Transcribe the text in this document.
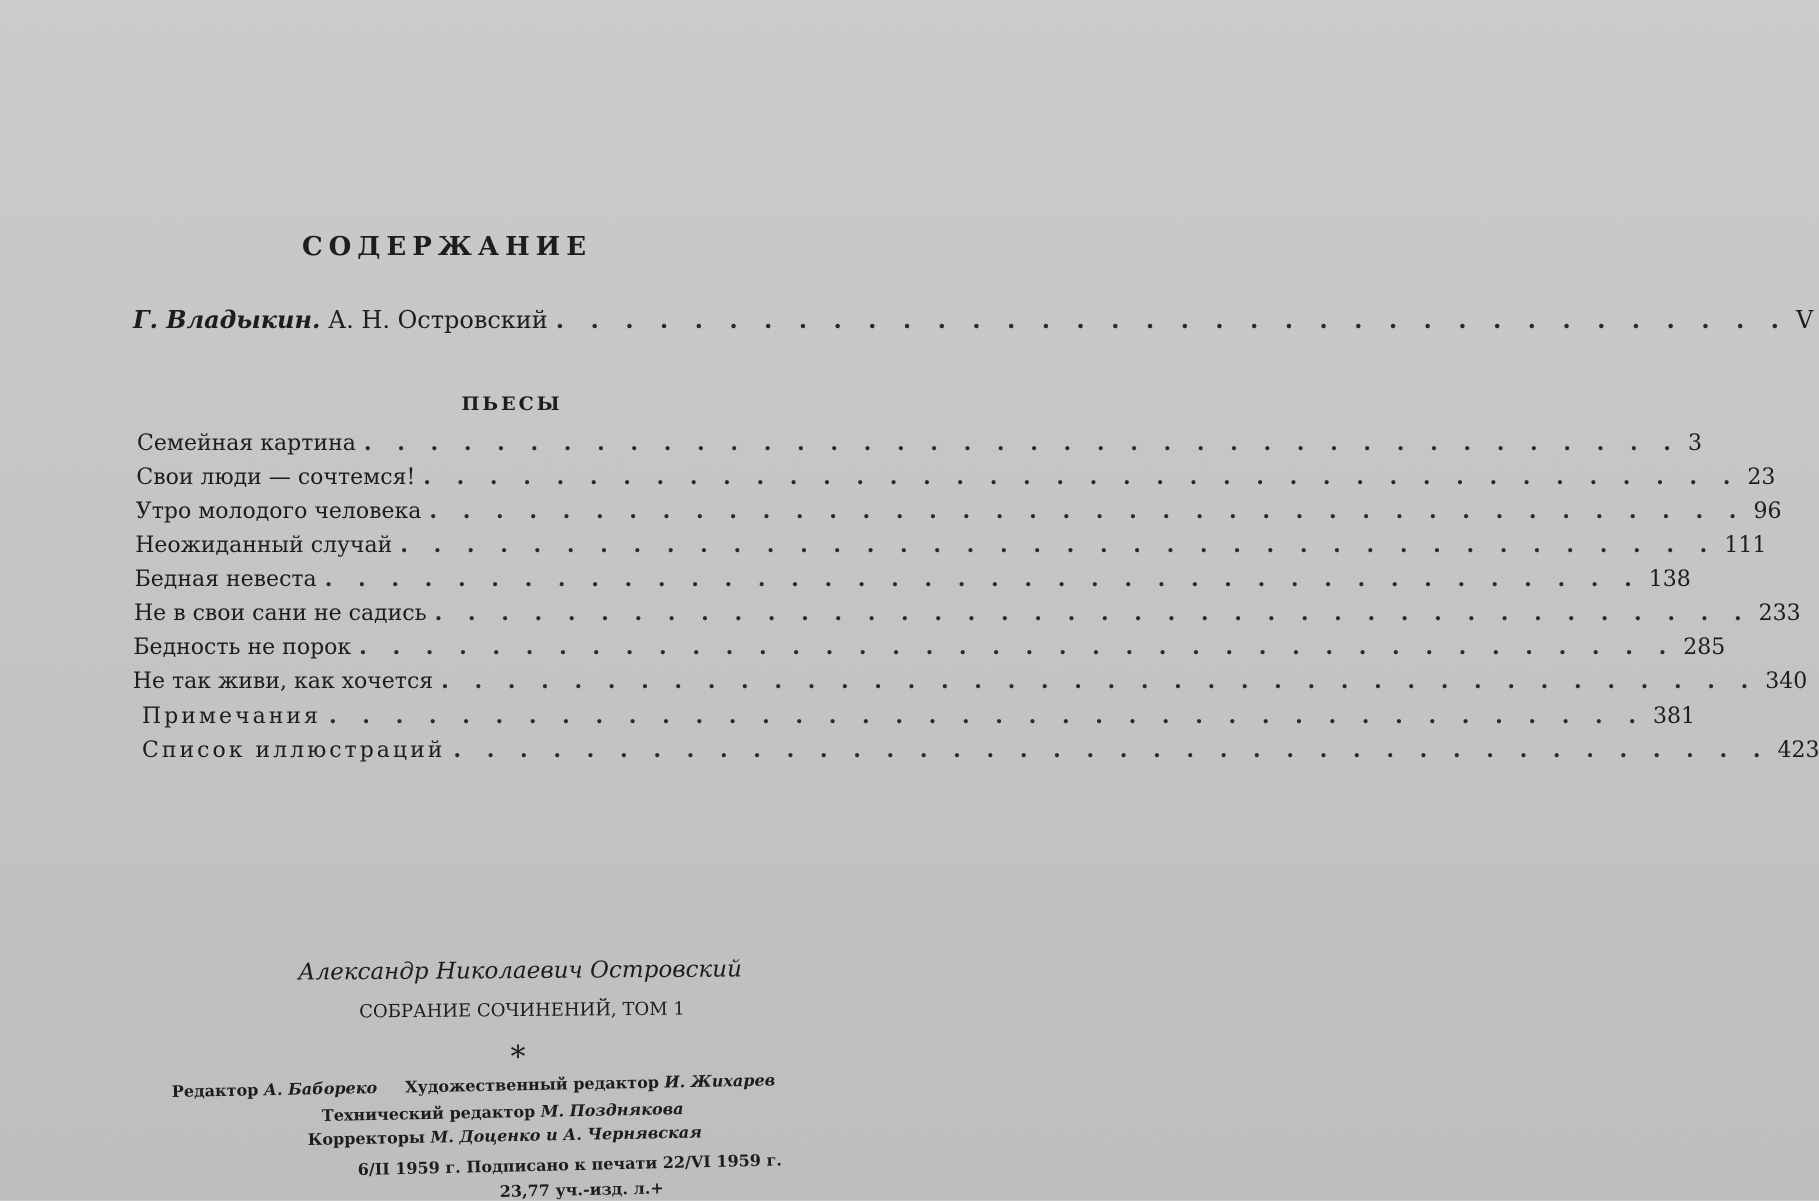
СОДЕРЖАНИЕ
Г. Владыкин. А. Н. Островский . . . . . . . . . . . . . . . . . . . . . . . . . . . . . . . . . . . . V
ПЬЕСЫ
Семейная картина . . . . . . . . . . . . . . . . . . . . . . . . . . . . . . . . . . . . . . . . 3
Свои люди — сочтемся! . . . . . . . . . . . . . . . . . . . . . . . . . . . . . . . . . . . . . . . . 23
Утро молодого человека . . . . . . . . . . . . . . . . . . . . . . . . . . . . . . . . . . . . . . . . 96
Неожиданный случай . . . . . . . . . . . . . . . . . . . . . . . . . . . . . . . . . . . . . . . . 111
Бедная невеста . . . . . . . . . . . . . . . . . . . . . . . . . . . . . . . . . . . . . . . . 138
Не в свои сани не садись . . . . . . . . . . . . . . . . . . . . . . . . . . . . . . . . . . . . . . . . 233
Бедность не порок . . . . . . . . . . . . . . . . . . . . . . . . . . . . . . . . . . . . . . . . 285
Не так живи, как хочется . . . . . . . . . . . . . . . . . . . . . . . . . . . . . . . . . . . . . . . . 340
Примечания . . . . . . . . . . . . . . . . . . . . . . . . . . . . . . . . . . . . . . . . 381
Список иллюстраций . . . . . . . . . . . . . . . . . . . . . . . . . . . . . . . . . . . . . . . . 423
Александр Николаевич Островский
СОБРАНИЕ СОЧИНЕНИЙ, ТОМ 1
*
Редактор А. Бабореко Художественный редактор И. Жихарев
Технический редактор М. Позднякова
Корректоры М. Доценко и А. Чернявская
6/II 1959 г. Подписано к печати 22/VI 1959 г.
23,77 уч.-изд. л.+
